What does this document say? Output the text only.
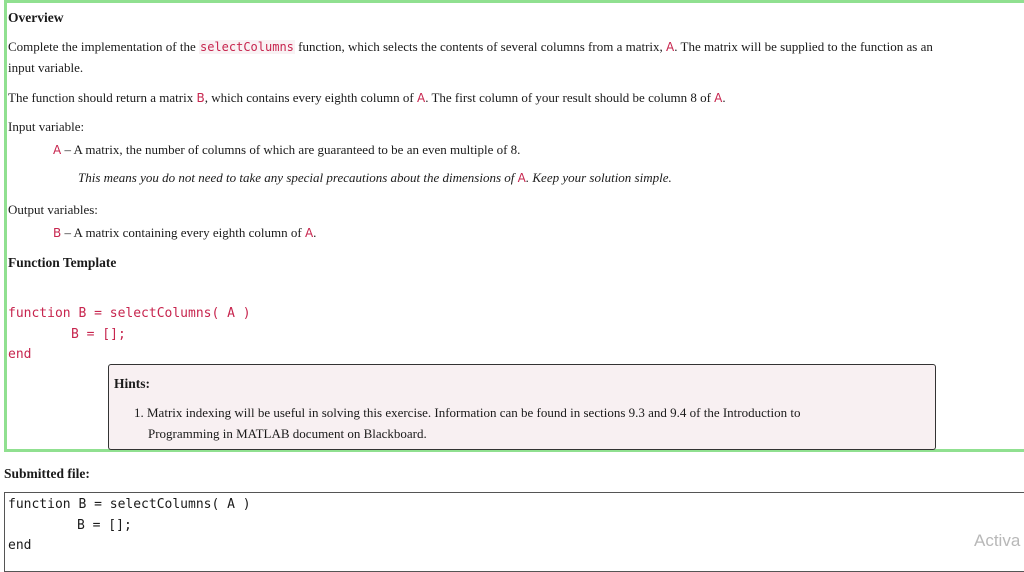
Overview
Complete the implementation of the selectColumns function, which selects the contents of several columns from a matrix, A. The matrix will be supplied to the function as an
input variable.
The function should return a matrix B, which contains every eighth column of A. The first column of your result should be column 8 of A.
Input variable:
A – A matrix, the number of columns of which are guaranteed to be an even multiple of 8.
This means you do not need to take any special precautions about the dimensions of A. Keep your solution simple.
Output variables:
B – A matrix containing every eighth column of A.
Function Template
function B = selectColumns( A )
B = [];
end
Hints:
1. Matrix indexing will be useful in solving this exercise. Information can be found in sections 9.3 and 9.4 of the Introduction to
Programming in MATLAB document on Blackboard.
Submitted file:
function B = selectColumns( A )
B = [];
end	Activa
